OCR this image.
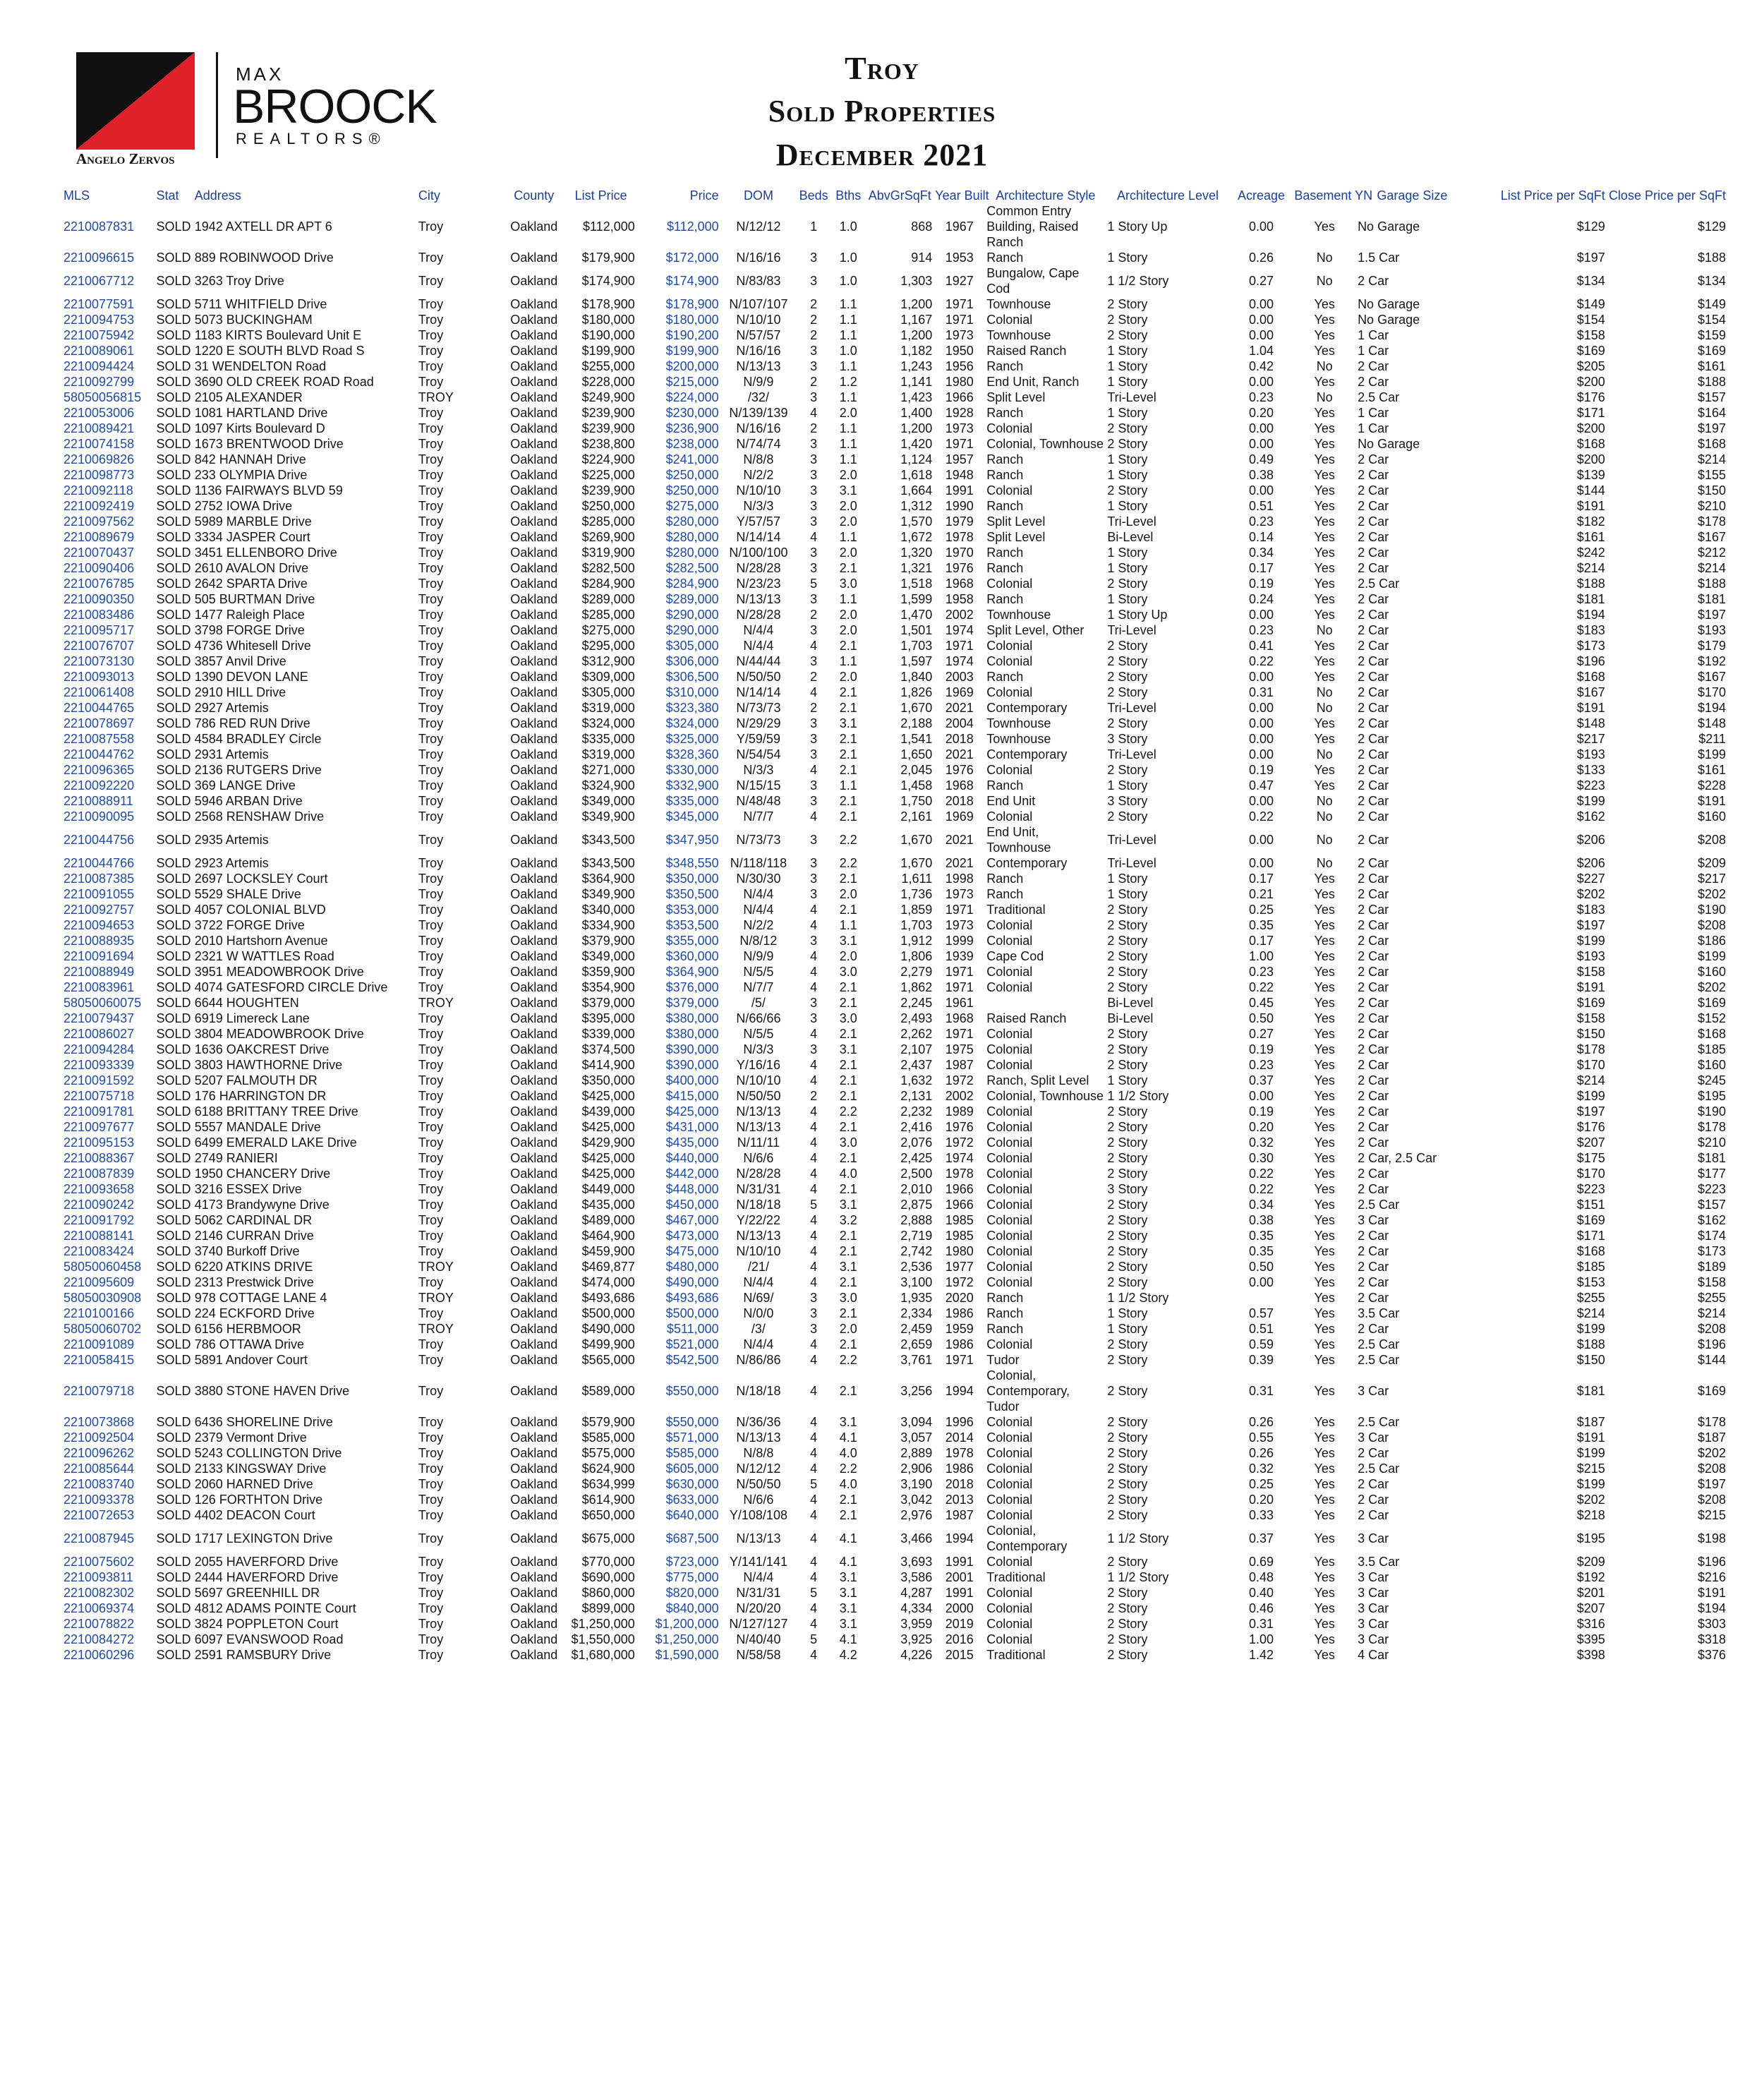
Angelo Zervos
MAX
BROOCK
REALTORS®
Troy
Sold Properties
December 2021
MLS	Stat	Address	City	County	List Price	Price	DOM	Beds	Bths	AbvGrSqFt	Year Built	Architecture Style	Architecture Level	Acreage	Basement YN	Garage Size	List Price per SqFt	Close Price per SqFt
2210087831	SOLD	1942 AXTELL DR APT 6	Troy	Oakland	$112,000	$112,000	N/12/12	1	1.0	868	1967	Common Entry Building, Raised Ranch	1 Story Up	0.00	Yes	No Garage	$129	$129
2210096615	SOLD	889 ROBINWOOD Drive	Troy	Oakland	$179,900	$172,000	N/16/16	3	1.0	914	1953	Ranch	1 Story	0.26	No	1.5 Car	$197	$188
2210067712	SOLD	3263 Troy Drive	Troy	Oakland	$174,900	$174,900	N/83/83	3	1.0	1,303	1927	Bungalow, Cape Cod	1 1/2 Story	0.27	No	2 Car	$134	$134
2210077591	SOLD	5711 WHITFIELD Drive	Troy	Oakland	$178,900	$178,900	N/107/107	2	1.1	1,200	1971	Townhouse	2 Story	0.00	Yes	No Garage	$149	$149
2210094753	SOLD	5073 BUCKINGHAM	Troy	Oakland	$180,000	$180,000	N/10/10	2	1.1	1,167	1971	Colonial	2 Story	0.00	Yes	No Garage	$154	$154
2210075942	SOLD	1183 KIRTS Boulevard Unit E	Troy	Oakland	$190,000	$190,200	N/57/57	2	1.1	1,200	1973	Townhouse	2 Story	0.00	Yes	1 Car	$158	$159
2210089061	SOLD	1220 E SOUTH BLVD Road S	Troy	Oakland	$199,900	$199,900	N/16/16	3	1.0	1,182	1950	Raised Ranch	1 Story	1.04	Yes	1 Car	$169	$169
2210094424	SOLD	31 WENDELTON Road	Troy	Oakland	$255,000	$200,000	N/13/13	3	1.1	1,243	1956	Ranch	1 Story	0.42	No	2 Car	$205	$161
2210092799	SOLD	3690 OLD CREEK ROAD Road	Troy	Oakland	$228,000	$215,000	N/9/9	2	1.2	1,141	1980	End Unit, Ranch	1 Story	0.00	Yes	2 Car	$200	$188
58050056815	SOLD	2105 ALEXANDER	TROY	Oakland	$249,900	$224,000	/32/	3	1.1	1,423	1966	Split Level	Tri-Level	0.23	No	2.5 Car	$176	$157
2210053006	SOLD	1081 HARTLAND Drive	Troy	Oakland	$239,900	$230,000	N/139/139	4	2.0	1,400	1928	Ranch	1 Story	0.20	Yes	1 Car	$171	$164
2210089421	SOLD	1097 Kirts Boulevard D	Troy	Oakland	$239,900	$236,900	N/16/16	2	1.1	1,200	1973	Colonial	2 Story	0.00	Yes	1 Car	$200	$197
2210074158	SOLD	1673 BRENTWOOD Drive	Troy	Oakland	$238,800	$238,000	N/74/74	3	1.1	1,420	1971	Colonial, Townhouse	2 Story	0.00	Yes	No Garage	$168	$168
2210069826	SOLD	842 HANNAH Drive	Troy	Oakland	$224,900	$241,000	N/8/8	3	1.1	1,124	1957	Ranch	1 Story	0.49	Yes	2 Car	$200	$214
2210098773	SOLD	233 OLYMPIA Drive	Troy	Oakland	$225,000	$250,000	N/2/2	3	2.0	1,618	1948	Ranch	1 Story	0.38	Yes	2 Car	$139	$155
2210092118	SOLD	1136 FAIRWAYS BLVD 59	Troy	Oakland	$239,900	$250,000	N/10/10	3	3.1	1,664	1991	Colonial	2 Story	0.00	Yes	2 Car	$144	$150
2210092419	SOLD	2752 IOWA Drive	Troy	Oakland	$250,000	$275,000	N/3/3	3	2.0	1,312	1990	Ranch	1 Story	0.51	Yes	2 Car	$191	$210
2210097562	SOLD	5989 MARBLE Drive	Troy	Oakland	$285,000	$280,000	Y/57/57	3	2.0	1,570	1979	Split Level	Tri-Level	0.23	Yes	2 Car	$182	$178
2210089679	SOLD	3334 JASPER Court	Troy	Oakland	$269,900	$280,000	N/14/14	4	1.1	1,672	1978	Split Level	Bi-Level	0.14	Yes	2 Car	$161	$167
2210070437	SOLD	3451 ELLENBORO Drive	Troy	Oakland	$319,900	$280,000	N/100/100	3	2.0	1,320	1970	Ranch	1 Story	0.34	Yes	2 Car	$242	$212
2210090406	SOLD	2610 AVALON Drive	Troy	Oakland	$282,500	$282,500	N/28/28	3	2.1	1,321	1976	Ranch	1 Story	0.17	Yes	2 Car	$214	$214
2210076785	SOLD	2642 SPARTA Drive	Troy	Oakland	$284,900	$284,900	N/23/23	5	3.0	1,518	1968	Colonial	2 Story	0.19	Yes	2.5 Car	$188	$188
2210090350	SOLD	505 BURTMAN Drive	Troy	Oakland	$289,000	$289,000	N/13/13	3	1.1	1,599	1958	Ranch	1 Story	0.24	Yes	2 Car	$181	$181
2210083486	SOLD	1477 Raleigh Place	Troy	Oakland	$285,000	$290,000	N/28/28	2	2.0	1,470	2002	Townhouse	1 Story Up	0.00	Yes	2 Car	$194	$197
2210095717	SOLD	3798 FORGE Drive	Troy	Oakland	$275,000	$290,000	N/4/4	3	2.0	1,501	1974	Split Level, Other	Tri-Level	0.23	No	2 Car	$183	$193
2210076707	SOLD	4736 Whitesell Drive	Troy	Oakland	$295,000	$305,000	N/4/4	4	2.1	1,703	1971	Colonial	2 Story	0.41	Yes	2 Car	$173	$179
2210073130	SOLD	3857 Anvil Drive	Troy	Oakland	$312,900	$306,000	N/44/44	3	1.1	1,597	1974	Colonial	2 Story	0.22	Yes	2 Car	$196	$192
2210093013	SOLD	1390 DEVON LANE	Troy	Oakland	$309,000	$306,500	N/50/50	2	2.0	1,840	2003	Ranch	2 Story	0.00	Yes	2 Car	$168	$167
2210061408	SOLD	2910 HILL Drive	Troy	Oakland	$305,000	$310,000	N/14/14	4	2.1	1,826	1969	Colonial	2 Story	0.31	No	2 Car	$167	$170
2210044765	SOLD	2927 Artemis	Troy	Oakland	$319,000	$323,380	N/73/73	2	2.1	1,670	2021	Contemporary	Tri-Level	0.00	No	2 Car	$191	$194
2210078697	SOLD	786 RED RUN Drive	Troy	Oakland	$324,000	$324,000	N/29/29	3	3.1	2,188	2004	Townhouse	2 Story	0.00	Yes	2 Car	$148	$148
2210087558	SOLD	4584 BRADLEY Circle	Troy	Oakland	$335,000	$325,000	Y/59/59	3	2.1	1,541	2018	Townhouse	3 Story	0.00	Yes	2 Car	$217	$211
2210044762	SOLD	2931 Artemis	Troy	Oakland	$319,000	$328,360	N/54/54	3	2.1	1,650	2021	Contemporary	Tri-Level	0.00	No	2 Car	$193	$199
2210096365	SOLD	2136 RUTGERS Drive	Troy	Oakland	$271,000	$330,000	N/3/3	4	2.1	2,045	1976	Colonial	2 Story	0.19	Yes	2 Car	$133	$161
2210092220	SOLD	369 LANGE Drive	Troy	Oakland	$324,900	$332,900	N/15/15	3	1.1	1,458	1968	Ranch	1 Story	0.47	Yes	2 Car	$223	$228
2210088911	SOLD	5946 ARBAN Drive	Troy	Oakland	$349,000	$335,000	N/48/48	3	2.1	1,750	2018	End Unit	3 Story	0.00	No	2 Car	$199	$191
2210090095	SOLD	2568 RENSHAW Drive	Troy	Oakland	$349,900	$345,000	N/7/7	4	2.1	2,161	1969	Colonial	2 Story	0.22	No	2 Car	$162	$160
2210044756	SOLD	2935 Artemis	Troy	Oakland	$343,500	$347,950	N/73/73	3	2.2	1,670	2021	End Unit, Townhouse	Tri-Level	0.00	No	2 Car	$206	$208
2210044766	SOLD	2923 Artemis	Troy	Oakland	$343,500	$348,550	N/118/118	3	2.2	1,670	2021	Contemporary	Tri-Level	0.00	No	2 Car	$206	$209
2210087385	SOLD	2697 LOCKSLEY Court	Troy	Oakland	$364,900	$350,000	N/30/30	3	2.1	1,611	1998	Ranch	1 Story	0.17	Yes	2 Car	$227	$217
2210091055	SOLD	5529 SHALE Drive	Troy	Oakland	$349,900	$350,500	N/4/4	3	2.0	1,736	1973	Ranch	1 Story	0.21	Yes	2 Car	$202	$202
2210092757	SOLD	4057 COLONIAL BLVD	Troy	Oakland	$340,000	$353,000	N/4/4	4	2.1	1,859	1971	Traditional	2 Story	0.25	Yes	2 Car	$183	$190
2210094653	SOLD	3722 FORGE Drive	Troy	Oakland	$334,900	$353,500	N/2/2	4	1.1	1,703	1973	Colonial	2 Story	0.35	Yes	2 Car	$197	$208
2210088935	SOLD	2010 Hartshorn Avenue	Troy	Oakland	$379,900	$355,000	N/8/12	3	3.1	1,912	1999	Colonial	2 Story	0.17	Yes	2 Car	$199	$186
2210091694	SOLD	2321 W WATTLES Road	Troy	Oakland	$349,000	$360,000	N/9/9	4	2.0	1,806	1939	Cape Cod	2 Story	1.00	Yes	2 Car	$193	$199
2210088949	SOLD	3951 MEADOWBROOK Drive	Troy	Oakland	$359,900	$364,900	N/5/5	4	3.0	2,279	1971	Colonial	2 Story	0.23	Yes	2 Car	$158	$160
2210083961	SOLD	4074 GATESFORD CIRCLE Drive	Troy	Oakland	$354,900	$376,000	N/7/7	4	2.1	1,862	1971	Colonial	2 Story	0.22	Yes	2 Car	$191	$202
58050060075	SOLD	6644 HOUGHTEN	TROY	Oakland	$379,000	$379,000	/5/	3	2.1	2,245	1961		Bi-Level	0.45	Yes	2 Car	$169	$169
2210079437	SOLD	6919 Limereck Lane	Troy	Oakland	$395,000	$380,000	N/66/66	3	3.0	2,493	1968	Raised Ranch	Bi-Level	0.50	Yes	2 Car	$158	$152
2210086027	SOLD	3804 MEADOWBROOK Drive	Troy	Oakland	$339,000	$380,000	N/5/5	4	2.1	2,262	1971	Colonial	2 Story	0.27	Yes	2 Car	$150	$168
2210094284	SOLD	1636 OAKCREST Drive	Troy	Oakland	$374,500	$390,000	N/3/3	3	3.1	2,107	1975	Colonial	2 Story	0.19	Yes	2 Car	$178	$185
2210093339	SOLD	3803 HAWTHORNE Drive	Troy	Oakland	$414,900	$390,000	Y/16/16	4	2.1	2,437	1987	Colonial	2 Story	0.23	Yes	2 Car	$170	$160
2210091592	SOLD	5207 FALMOUTH DR	Troy	Oakland	$350,000	$400,000	N/10/10	4	2.1	1,632	1972	Ranch, Split Level	1 Story	0.37	Yes	2 Car	$214	$245
2210075718	SOLD	176 HARRINGTON DR	Troy	Oakland	$425,000	$415,000	N/50/50	2	2.1	2,131	2002	Colonial, Townhouse	1 1/2 Story	0.00	Yes	2 Car	$199	$195
2210091781	SOLD	6188 BRITTANY TREE Drive	Troy	Oakland	$439,000	$425,000	N/13/13	4	2.2	2,232	1989	Colonial	2 Story	0.19	Yes	2 Car	$197	$190
2210097677	SOLD	5557 MANDALE Drive	Troy	Oakland	$425,000	$431,000	N/13/13	4	2.1	2,416	1976	Colonial	2 Story	0.20	Yes	2 Car	$176	$178
2210095153	SOLD	6499 EMERALD LAKE Drive	Troy	Oakland	$429,900	$435,000	N/11/11	4	3.0	2,076	1972	Colonial	2 Story	0.32	Yes	2 Car	$207	$210
2210088367	SOLD	2749 RANIERI	Troy	Oakland	$425,000	$440,000	N/6/6	4	2.1	2,425	1974	Colonial	2 Story	0.30	Yes	2 Car, 2.5 Car	$175	$181
2210087839	SOLD	1950 CHANCERY Drive	Troy	Oakland	$425,000	$442,000	N/28/28	4	4.0	2,500	1978	Colonial	2 Story	0.22	Yes	2 Car	$170	$177
2210093658	SOLD	3216 ESSEX Drive	Troy	Oakland	$449,000	$448,000	N/31/31	4	2.1	2,010	1966	Colonial	3 Story	0.22	Yes	2 Car	$223	$223
2210090242	SOLD	4173 Brandywyne Drive	Troy	Oakland	$435,000	$450,000	N/18/18	5	3.1	2,875	1966	Colonial	2 Story	0.34	Yes	2.5 Car	$151	$157
2210091792	SOLD	5062 CARDINAL DR	Troy	Oakland	$489,000	$467,000	Y/22/22	4	3.2	2,888	1985	Colonial	2 Story	0.38	Yes	3 Car	$169	$162
2210088141	SOLD	2146 CURRAN Drive	Troy	Oakland	$464,900	$473,000	N/13/13	4	2.1	2,719	1985	Colonial	2 Story	0.35	Yes	2 Car	$171	$174
2210083424	SOLD	3740 Burkoff Drive	Troy	Oakland	$459,900	$475,000	N/10/10	4	2.1	2,742	1980	Colonial	2 Story	0.35	Yes	2 Car	$168	$173
58050060458	SOLD	6220 ATKINS DRIVE	TROY	Oakland	$469,877	$480,000	/21/	4	3.1	2,536	1977	Colonial	2 Story	0.50	Yes	2 Car	$185	$189
2210095609	SOLD	2313 Prestwick Drive	Troy	Oakland	$474,000	$490,000	N/4/4	4	2.1	3,100	1972	Colonial	2 Story	0.00	Yes	2 Car	$153	$158
58050030908	SOLD	978 COTTAGE LANE 4	TROY	Oakland	$493,686	$493,686	N/69/	3	3.0	1,935	2020	Ranch	1 1/2 Story		Yes	2 Car	$255	$255
2210100166	SOLD	224 ECKFORD Drive	Troy	Oakland	$500,000	$500,000	N/0/0	3	2.1	2,334	1986	Ranch	1 Story	0.57	Yes	3.5 Car	$214	$214
58050060702	SOLD	6156 HERBMOOR	TROY	Oakland	$490,000	$511,000	/3/	3	2.0	2,459	1959	Ranch	1 Story	0.51	Yes	2 Car	$199	$208
2210091089	SOLD	786 OTTAWA Drive	Troy	Oakland	$499,900	$521,000	N/4/4	4	2.1	2,659	1986	Colonial	2 Story	0.59	Yes	2.5 Car	$188	$196
2210058415	SOLD	5891 Andover Court	Troy	Oakland	$565,000	$542,500	N/86/86	4	2.2	3,761	1971	Tudor	2 Story	0.39	Yes	2.5 Car	$150	$144
2210079718	SOLD	3880 STONE HAVEN Drive	Troy	Oakland	$589,000	$550,000	N/18/18	4	2.1	3,256	1994	Colonial, Contemporary, Tudor	2 Story	0.31	Yes	3 Car	$181	$169
2210073868	SOLD	6436 SHORELINE Drive	Troy	Oakland	$579,900	$550,000	N/36/36	4	3.1	3,094	1996	Colonial	2 Story	0.26	Yes	2.5 Car	$187	$178
2210092504	SOLD	2379 Vermont Drive	Troy	Oakland	$585,000	$571,000	N/13/13	4	4.1	3,057	2014	Colonial	2 Story	0.55	Yes	3 Car	$191	$187
2210096262	SOLD	5243 COLLINGTON Drive	Troy	Oakland	$575,000	$585,000	N/8/8	4	4.0	2,889	1978	Colonial	2 Story	0.26	Yes	2 Car	$199	$202
2210085644	SOLD	2133 KINGSWAY Drive	Troy	Oakland	$624,900	$605,000	N/12/12	4	2.2	2,906	1986	Colonial	2 Story	0.32	Yes	2.5 Car	$215	$208
2210083740	SOLD	2060 HARNED Drive	Troy	Oakland	$634,999	$630,000	N/50/50	5	4.0	3,190	2018	Colonial	2 Story	0.25	Yes	2 Car	$199	$197
2210093378	SOLD	126 FORTHTON Drive	Troy	Oakland	$614,900	$633,000	N/6/6	4	2.1	3,042	2013	Colonial	2 Story	0.20	Yes	2 Car	$202	$208
2210072653	SOLD	4402 DEACON Court	Troy	Oakland	$650,000	$640,000	Y/108/108	4	2.1	2,976	1987	Colonial	2 Story	0.33	Yes	2 Car	$218	$215
2210087945	SOLD	1717 LEXINGTON Drive	Troy	Oakland	$675,000	$687,500	N/13/13	4	4.1	3,466	1994	Colonial, Contemporary	1 1/2 Story	0.37	Yes	3 Car	$195	$198
2210075602	SOLD	2055 HAVERFORD Drive	Troy	Oakland	$770,000	$723,000	Y/141/141	4	4.1	3,693	1991	Colonial	2 Story	0.69	Yes	3.5 Car	$209	$196
2210093811	SOLD	2444 HAVERFORD Drive	Troy	Oakland	$690,000	$775,000	N/4/4	4	3.1	3,586	2001	Traditional	1 1/2 Story	0.48	Yes	3 Car	$192	$216
2210082302	SOLD	5697 GREENHILL DR	Troy	Oakland	$860,000	$820,000	N/31/31	5	3.1	4,287	1991	Colonial	2 Story	0.40	Yes	3 Car	$201	$191
2210069374	SOLD	4812 ADAMS POINTE Court	Troy	Oakland	$899,000	$840,000	N/20/20	4	3.1	4,334	2000	Colonial	2 Story	0.46	Yes	3 Car	$207	$194
2210078822	SOLD	3824 POPPLETON Court	Troy	Oakland	$1,250,000	$1,200,000	N/127/127	4	3.1	3,959	2019	Colonial	2 Story	0.31	Yes	3 Car	$316	$303
2210084272	SOLD	6097 EVANSWOOD Road	Troy	Oakland	$1,550,000	$1,250,000	N/40/40	5	4.1	3,925	2016	Colonial	2 Story	1.00	Yes	3 Car	$395	$318
2210060296	SOLD	2591 RAMSBURY Drive	Troy	Oakland	$1,680,000	$1,590,000	N/58/58	4	4.2	4,226	2015	Traditional	2 Story	1.42	Yes	4 Car	$398	$376
